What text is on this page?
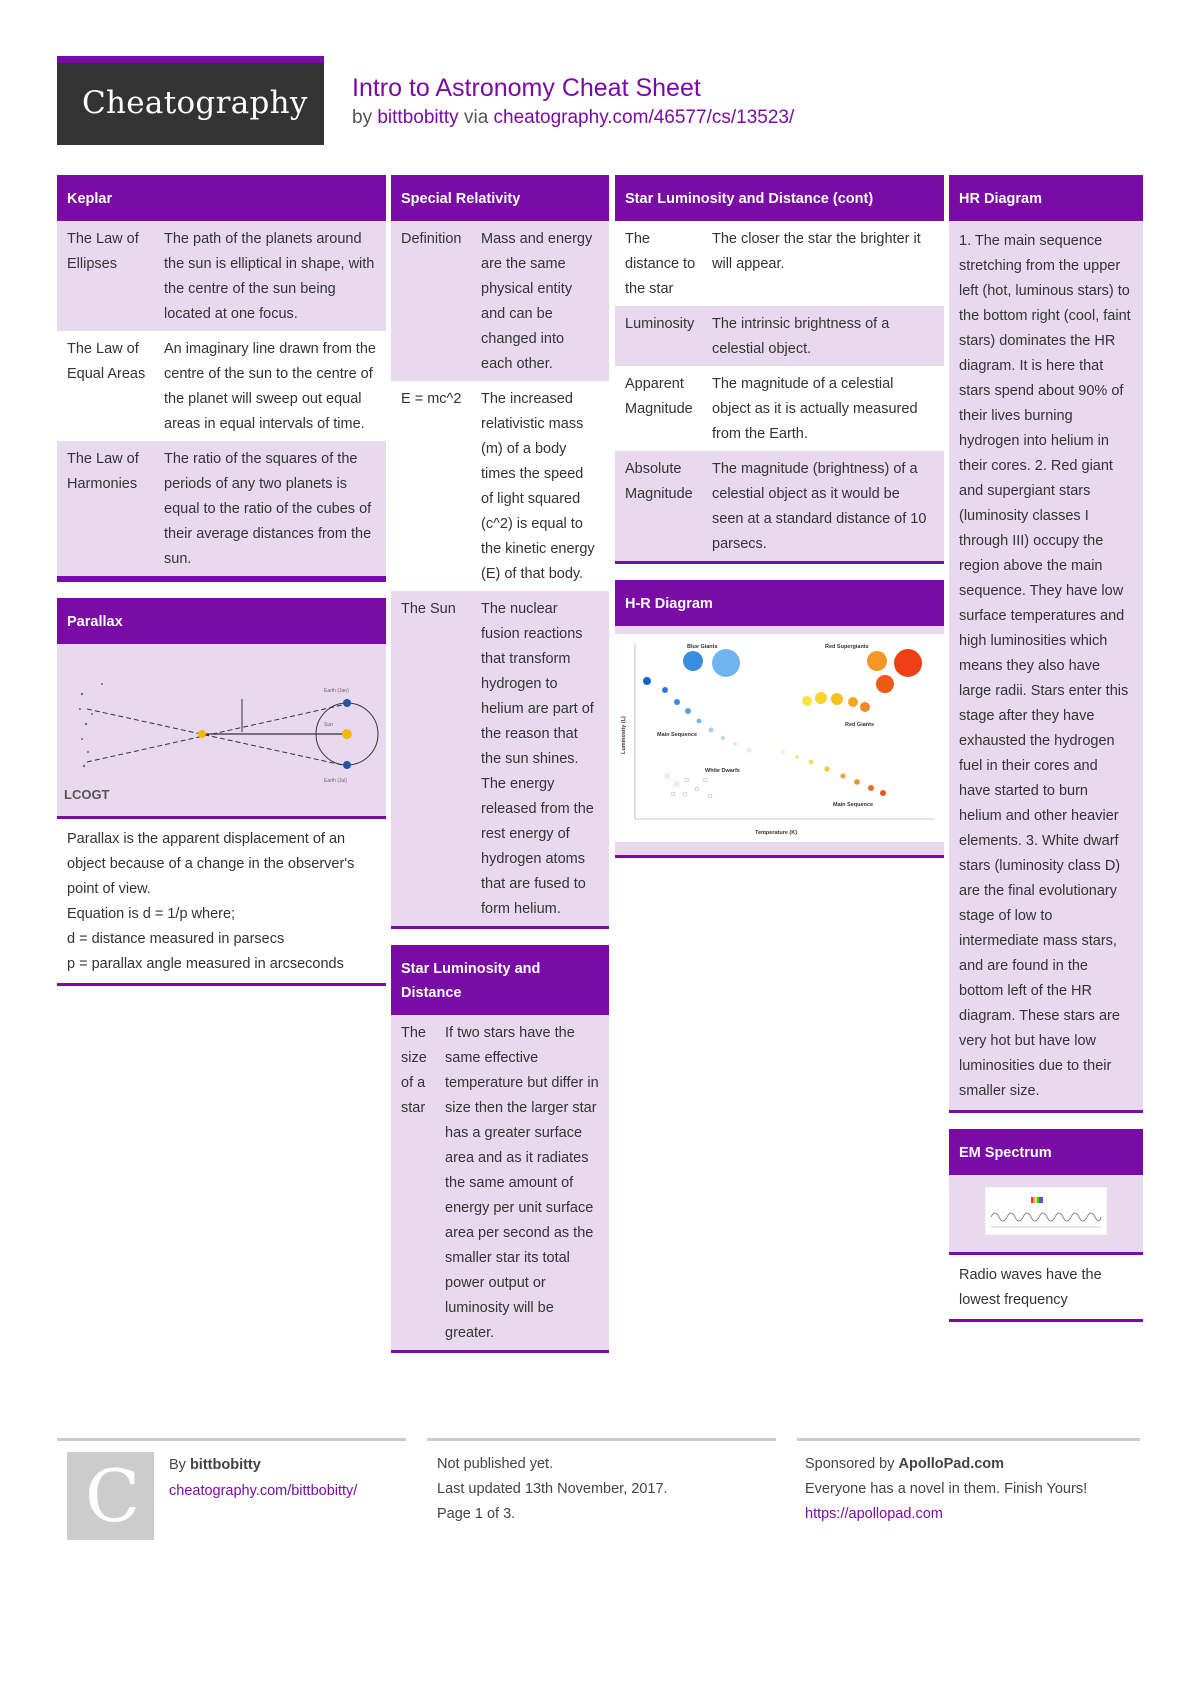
Cheatography Intro to Astronomy Cheat Sheet
by bittbobitty via cheatography.com/46577/cs/13523/
Keplar
The Law of Ellipses	The path of the planets around the sun is elliptical in shape, with the centre of the sun being located at one focus.
The Law of Equal Areas	An imaginary line drawn from the centre of the sun to the centre of the planet will sweep out equal areas in equal intervals of time.
The Law of Harmonies	The ratio of the squares of the periods of any two planets is equal to the ratio of the cubes of their average distances from the sun.
Parallax
LCOGT
Sun
Earth (Jan)
Earth (Jul)
Parallax is the apparent displacement of an object because of a change in the observer's point of view.
Equation is d = 1/p where;
d = distance measured in parsecs
p = parallax angle measured in arcseconds
Special Relativity
Definition	Mass and energy are the same physical entity and can be changed into each other.
E = mc^2	The increased relativistic mass (m) of a body times the speed of light squared (c^2) is equal to the kinetic energy (E) of that body.
The Sun	The nuclear fusion reactions that transform hydrogen to helium are part of the reason that the sun shines. The energy released from the rest energy of hydrogen atoms that are fused to form helium.
Star Luminosity and Distance
The size of a star	If two stars have the same effective temperature but differ in size then the larger star has a greater surface area and as it radiates the same amount of energy per unit surface area per second as the smaller star its total power output or luminosity will be greater.
Star Luminosity and Distance (cont)
The distance to the star	The closer the star the brighter it will appear.
Luminosity	The intrinsic brightness of a celestial object.
Apparent Magnitude	The magnitude of a celestial object as it is actually measured from the Earth.
Absolute Magnitude	The magnitude (brightness) of a celestial object as it would be seen at a standard distance of 10 parsecs.
H-R Diagram
Blue Giants	Red Supergiants
Red Giants
Main Sequence
White Dwarfs
Main Sequence
Temperature (K)
Luminosity (L)
HR Diagram
1. The main sequence stretching from the upper left (hot, luminous stars) to the bottom right (cool, faint stars) dominates the HR diagram. It is here that stars spend about 90% of their lives burning hydrogen into helium in their cores. 2. Red giant and supergiant stars (luminosity classes I through III) occupy the region above the main sequence. They have low surface temperatures and high luminosities which means they also have large radii. Stars enter this stage after they have exhausted the hydrogen fuel in their cores and have started to burn helium and other heavier elements. 3. White dwarf stars (luminosity class D) are the final evolutionary stage of low to intermediate mass stars, and are found in the bottom left of the HR diagram. These stars are very hot but have low luminosities due to their smaller size.
EM Spectrum
Radio waves have the lowest frequency
C By bittbobitty
cheatography.com/bittbobitty/
Not published yet.
Last updated 13th November, 2017.
Page 1 of 3.
Sponsored by ApolloPad.com
Everyone has a novel in them. Finish Yours!
https://apollopad.com
